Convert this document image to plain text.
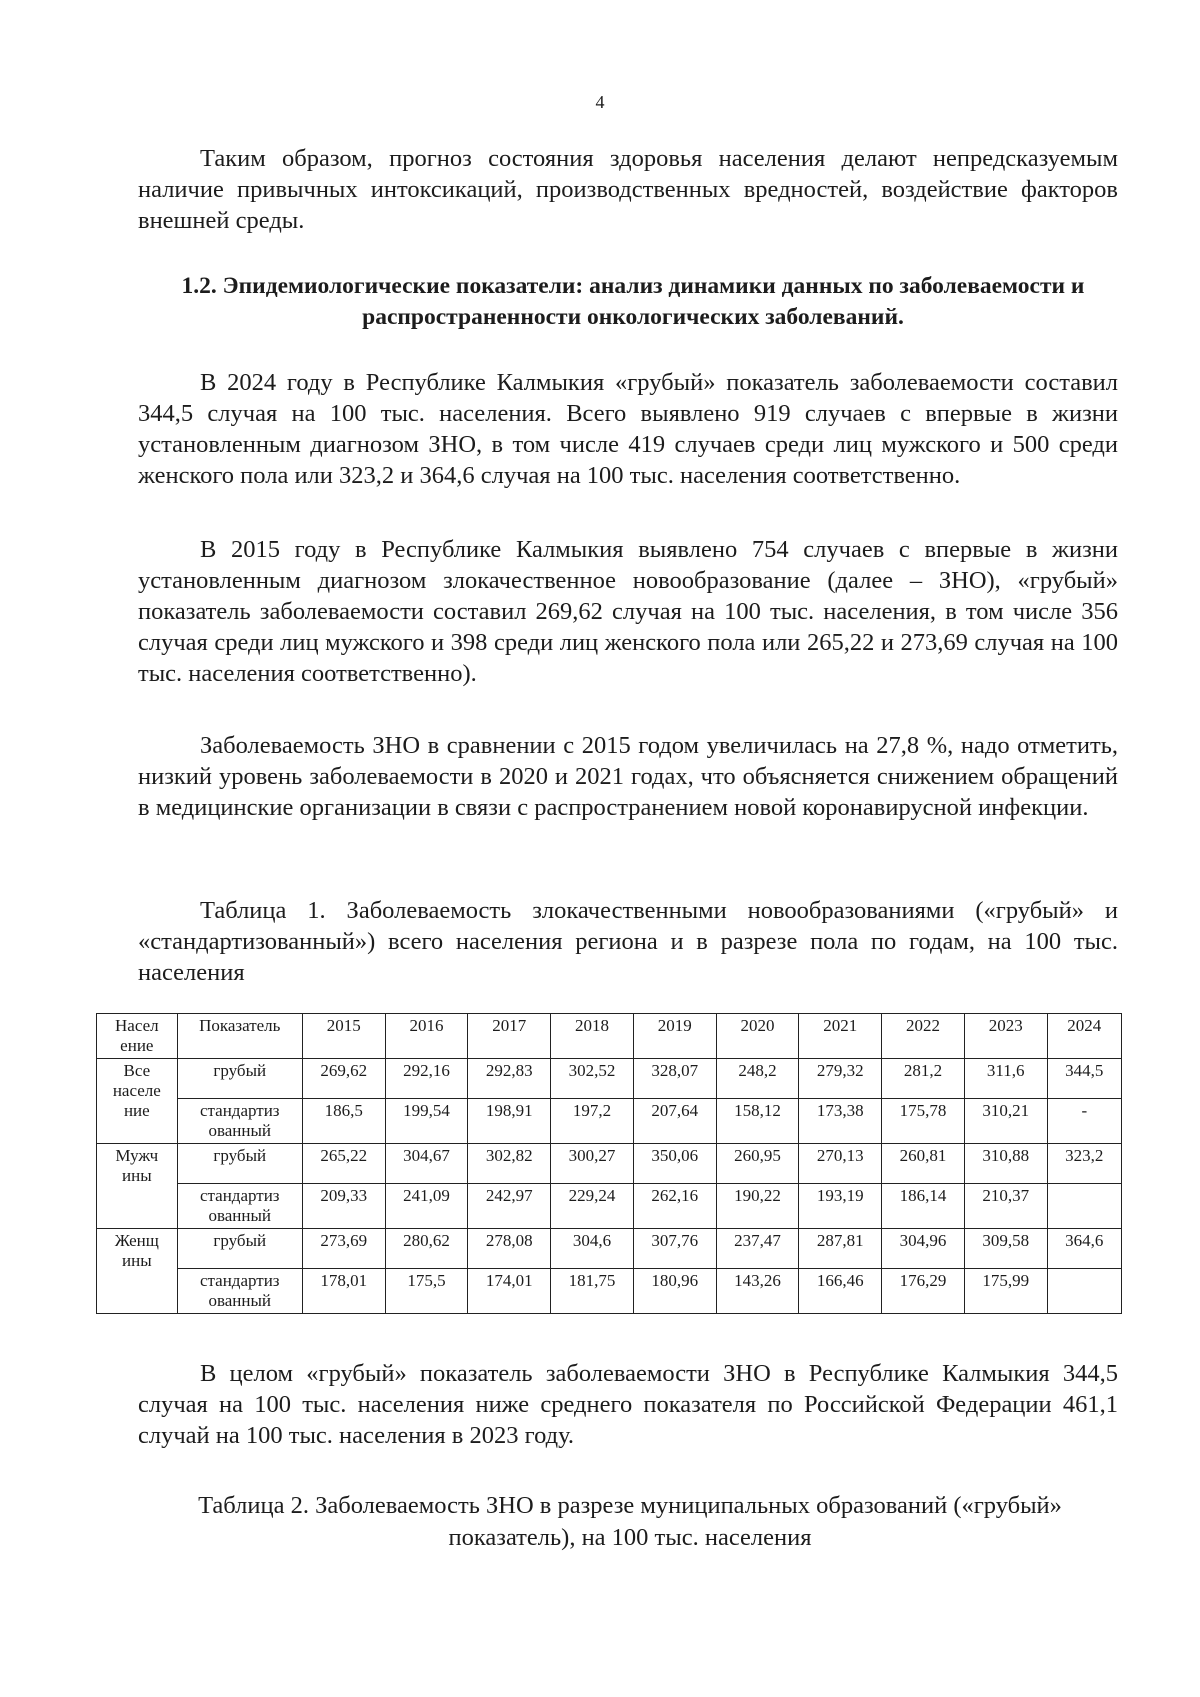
4
Таким образом, прогноз состояния здоровья населения делают непредсказуемым наличие привычных интоксикаций, производственных вредностей, воздействие факторов внешней среды.
1.2. Эпидемиологические показатели: анализ динамики данных по заболеваемости и распространенности онкологических заболеваний.
В 2024 году в Республике Калмыкия «грубый» показатель заболеваемости составил 344,5 случая на 100 тыс. населения. Всего выявлено 919 случаев с впервые в жизни установленным диагнозом ЗНО, в том числе 419 случаев среди лиц мужского и 500 среди женского пола или 323,2 и 364,6 случая на 100 тыс. населения соответственно.
В 2015 году в Республике Калмыкия выявлено 754 случаев с впервые в жизни установленным диагнозом злокачественное новообразование (далее – ЗНО), «грубый» показатель заболеваемости составил 269,62 случая на 100 тыс. населения, в том числе 356 случая среди лиц мужского и 398 среди лиц женского пола или 265,22 и 273,69 случая на 100 тыс. населения соответственно).
Заболеваемость ЗНО в сравнении с 2015 годом увеличилась на 27,8 %, надо отметить, низкий уровень заболеваемости в 2020 и 2021 годах, что объясняется снижением обращений в медицинские организации в связи с распространением новой коронавирусной инфекции.
Таблица 1. Заболеваемость злокачественными новообразованиями («грубый» и «стандартизованный») всего населения региона и в разрезе пола по годам, на 100 тыс. населения
Насел ение	Показатель	2015	2016	2017	2018	2019	2020	2021	2022	2023	2024
Все населе ние	грубый	269,62	292,16	292,83	302,52	328,07	248,2	279,32	281,2	311,6	344,5
	стандартиз ованный	186,5	199,54	198,91	197,2	207,64	158,12	173,38	175,78	310,21	-
Мужч ины	грубый	265,22	304,67	302,82	300,27	350,06	260,95	270,13	260,81	310,88	323,2
	стандартиз ованный	209,33	241,09	242,97	229,24	262,16	190,22	193,19	186,14	210,37	
Женщ ины	грубый	273,69	280,62	278,08	304,6	307,76	237,47	287,81	304,96	309,58	364,6
	стандартиз ованный	178,01	175,5	174,01	181,75	180,96	143,26	166,46	176,29	175,99	
В целом «грубый» показатель заболеваемости ЗНО в Республике Калмыкия 344,5 случая на 100 тыс. населения ниже среднего показателя по Российской Федерации 461,1 случай на 100 тыс. населения в 2023 году.
Таблица 2. Заболеваемость ЗНО в разрезе муниципальных образований («грубый» показатель), на 100 тыс. населения
